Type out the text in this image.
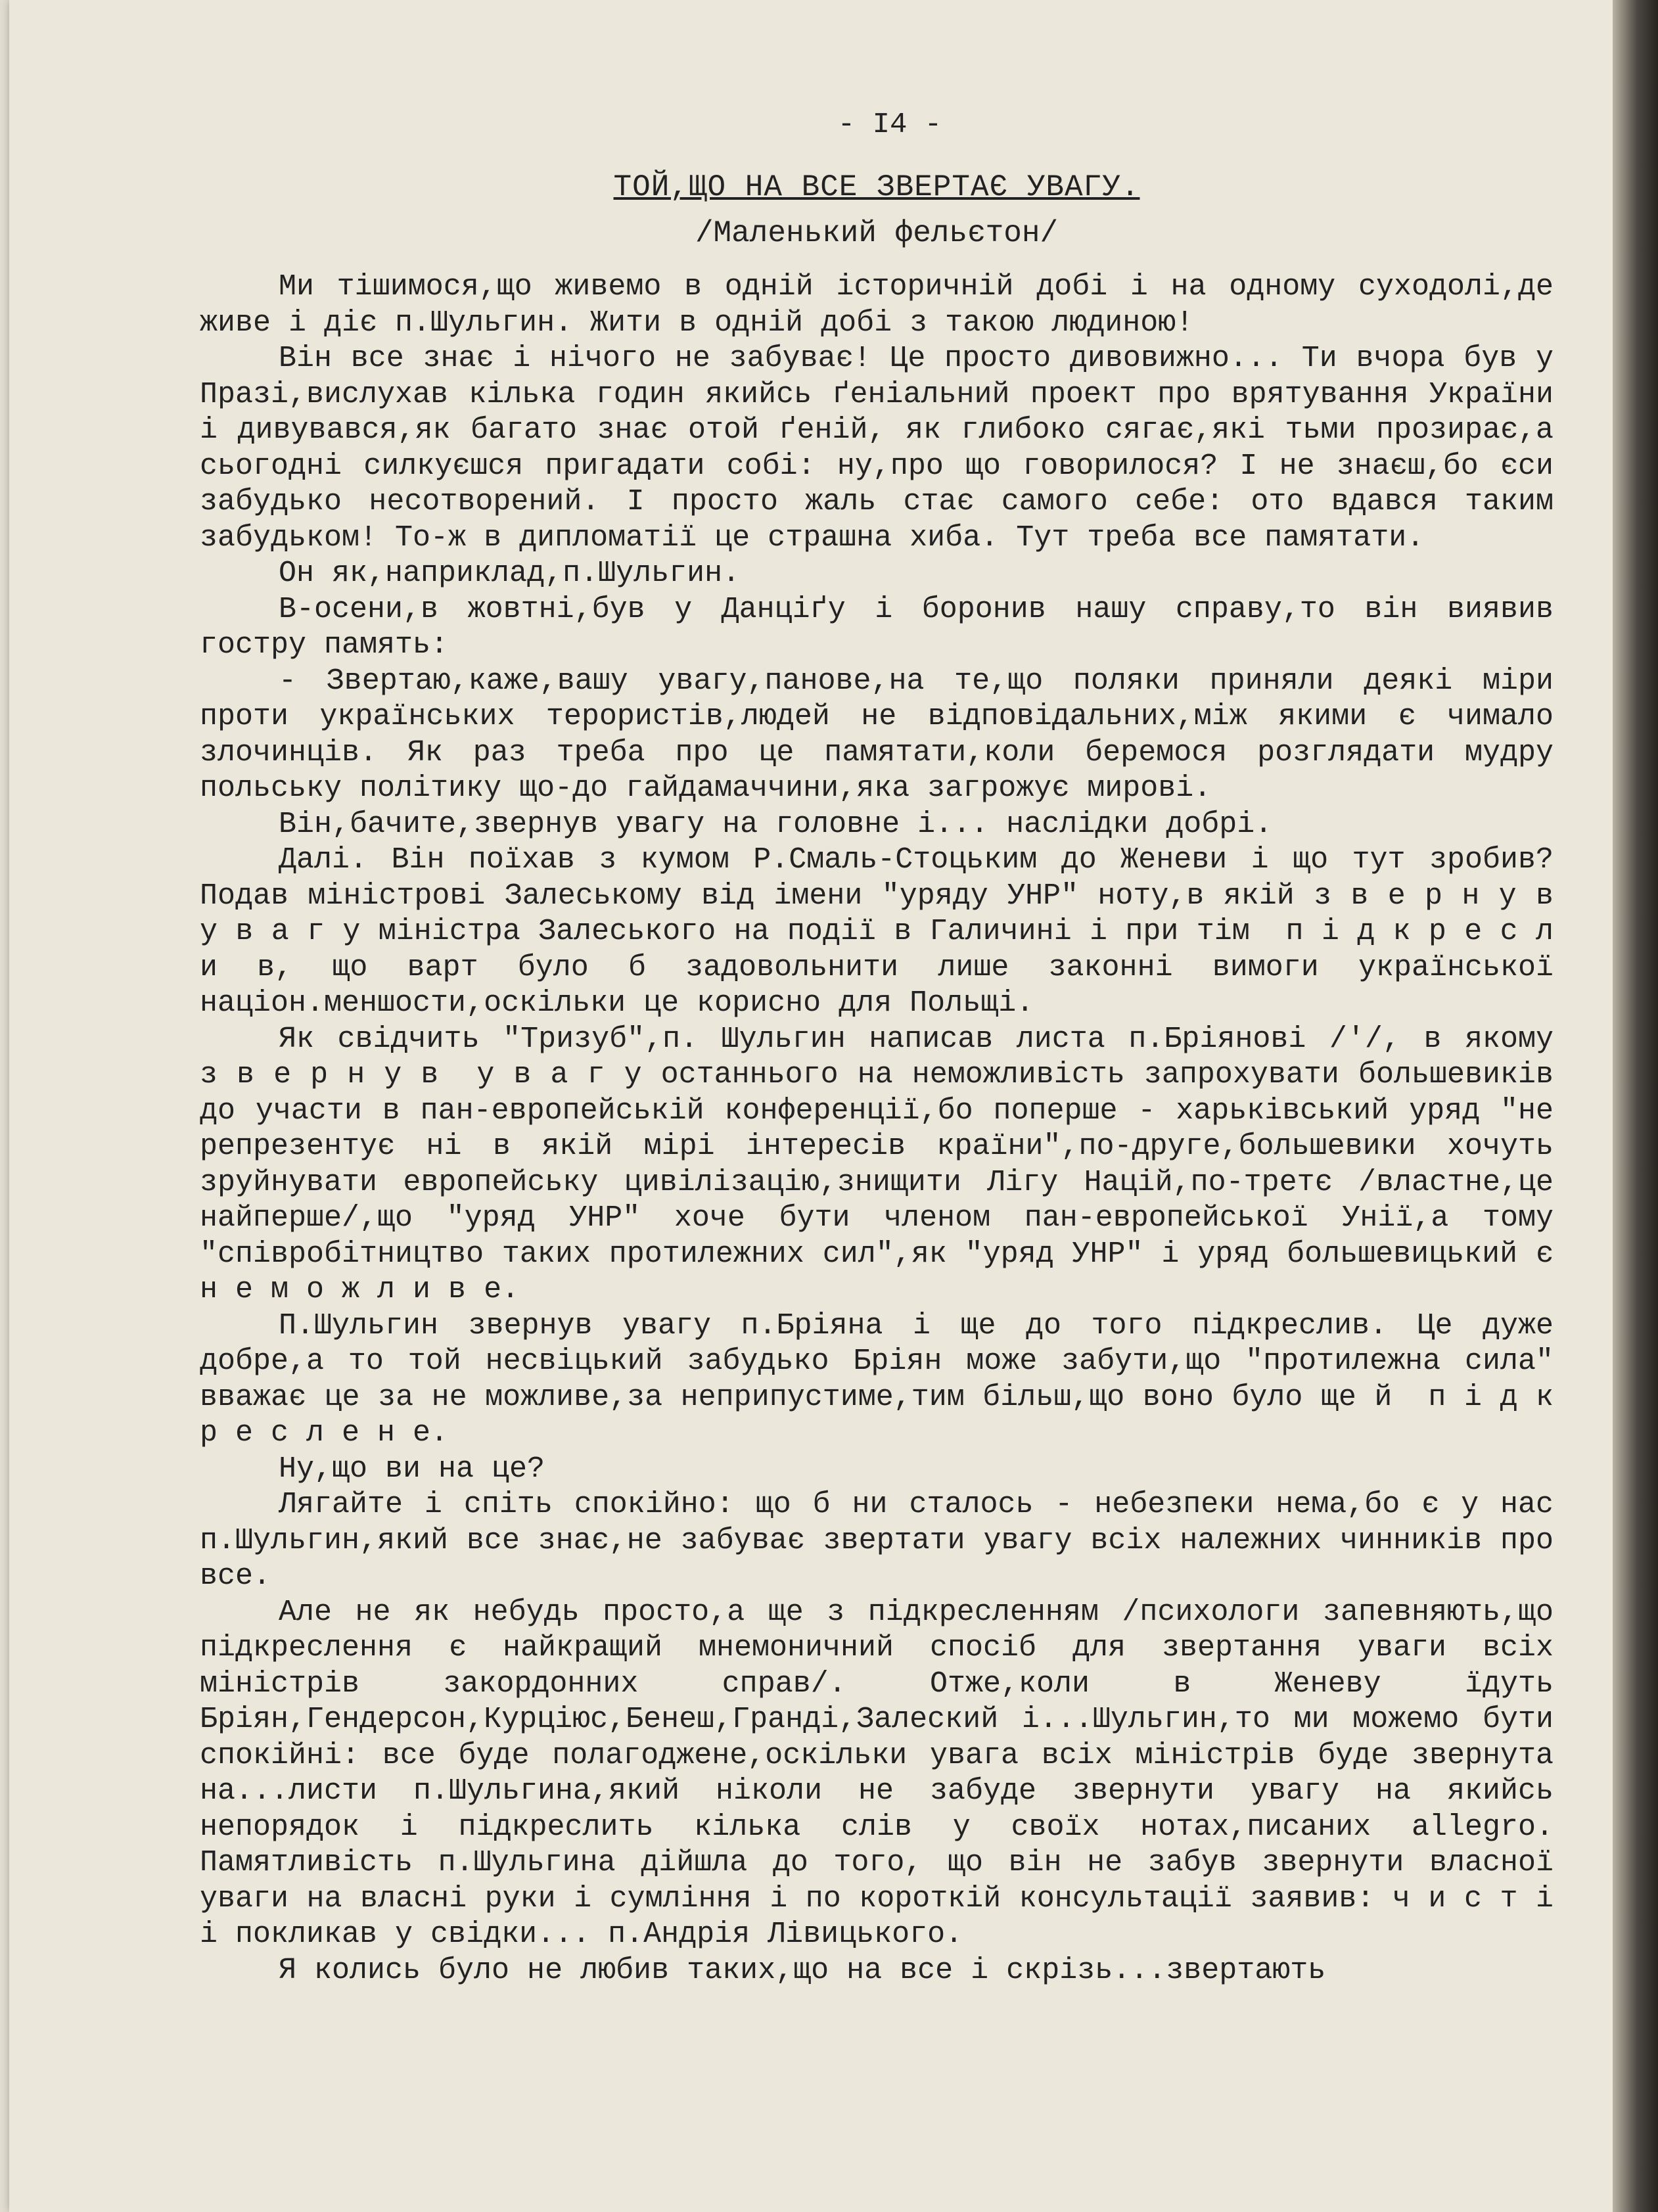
- I4 -
ТОЙ,ЩО НА ВСЕ ЗВЕРТАЄ УВАГУ.
/Маленький фельєтон/

Ми тішимося,що живемо в одній історичній добі і на одному суходолі,де живе і діє п.Шульгин. Жити в одній добі з такою людиною!

Він все знає і нічого не забуває! Це просто дивовижно... Ти вчора був у Празі,вислухав кілька годин якийсь ґеніальний проект про врятування України і дивувався,як багато знає отой ґеній, як глибоко сягає,які тьми прозирає,а сьогодні силкуєшся пригадати собі: ну,про що говорилося? І не знаєш,бо єси забудько несотворений. І просто жаль стає самого себе: ото вдався таким забудьком! То-ж в дипломатії це страшна хиба. Тут треба все памятати.

Он як,наприклад,п.Шульгин.

В-осени,в жовтні,був у Данціґу і боронив нашу справу,то він виявив гостру память:

- Звертаю,каже,вашу увагу,панове,на те,що поляки приняли деякі міри проти українських терористів,людей не відповідальних,між якими є чимало злочинців. Як раз треба про це памятати,коли беремося розглядати мудру польську політику що-до гайдамаччини,яка загрожує мирові.

Він,бачите,звернув увагу на головне і... наслідки добрі.

Далі. Він поїхав з кумом Р.Смаль-Стоцьким до Женеви і що тут зробив? Подав міністрові Залеському від імени "уряду УНР" ноту,в якій з в е р н у в  у в а г у міністра Залеського на події в Галичині і при тім  п і д к р е с л и в, що варт було б задовольнити лише законні вимоги української націон.меншости,оскільки це корисно для Польщі.

Як свідчить "Тризуб",п. Шульгин написав листа п.Бріянові /'/, в якому  з в е р н у в  у в а г у останнього на неможливість запрохувати большевиків до участи в пан-европейській конференції,бо поперше - харьківський уряд "не репрезентує ні в якій мірі інтересів країни",по-друге,большевики хочуть зруйнувати европейську цивілізацію,знищити Лігу Націй,по-третє /властне,це найперше/,що "уряд УНР" хоче бути членом пан-европейської Унії,а тому "співробітництво таких протилежних сил",як "уряд УНР" і уряд большевицький є  н е м о ж л и в е.

П.Шульгин звернув увагу п.Бріяна і ще до того підкреслив. Це дуже добре,а то той несвіцький забудько Бріян може забути,що "протилежна сила" вважає це за не можливе,за неприпустиме,тим більш,що воно було ще й  п і д к р е с л е н е.

Ну,що ви на це?

Лягайте і спіть спокійно: що б ни сталось - небезпеки нема,бо є у нас п.Шульгин,який все знає,не забуває звертати увагу всіх належних чинників про все.

Але не як небудь просто,а ще з підкресленням /психологи запевняють,що підкреслення є найкращий мнемоничний спосіб для звертання уваги всіх міністрів закордонних справ/. Отже,коли в Женеву їдуть Бріян,Гендерсон,Курціюс,Бенеш,Гранді,Залеский і...Шульгин,то ми можемо бути спокійні: все буде полагоджене,оскільки увага всіх міністрів буде звернута на...листи п.Шульгина,який ніколи не забуде звернути увагу на якийсь непорядок і підкреслить кілька слів у своїх нотах,писаних allegro. Памятливість п.Шульгина дійшла до того, що він не забув звернути власної уваги на власні руки і сумління і по короткій консультації заявив: ч и с т і  і покликав у свідки... п.Андрія Лівицького.

Я колись було не любив таких,що на все і скрізь...звертають
